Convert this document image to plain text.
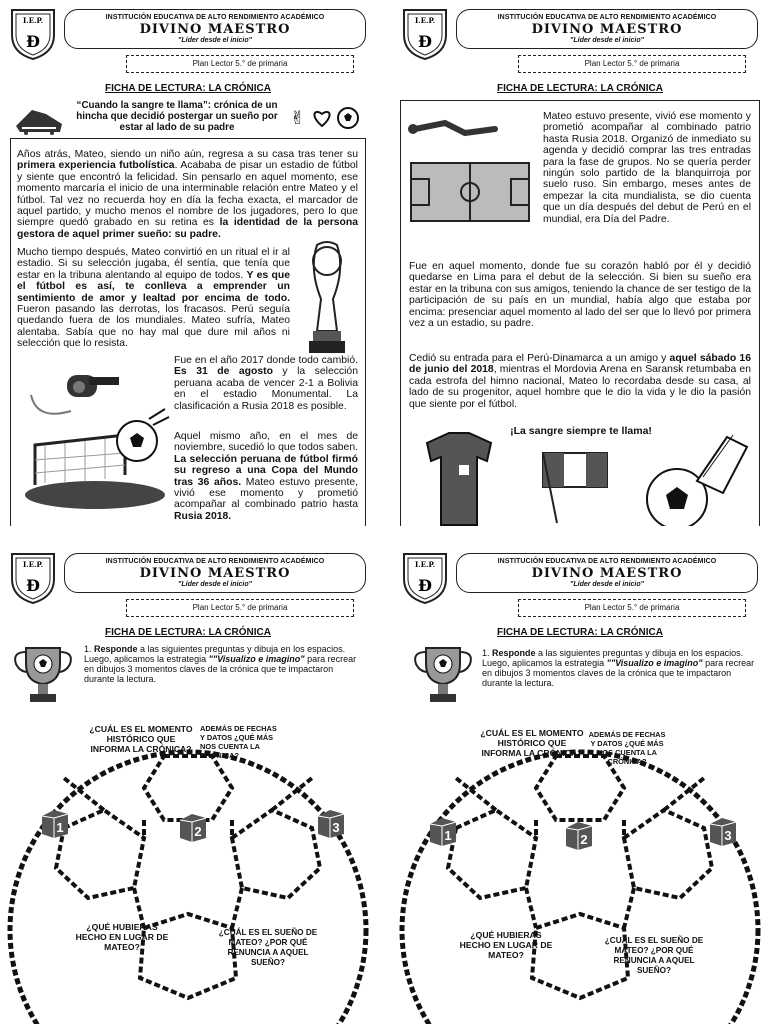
I.E.P.
Ð
INSTITUCIÓN EDUCATIVA DE ALTO RENDIMIENTO ACADÉMICO
DIVINO MAESTRO
"Líder desde el inicio"
Plan Lector 5.° de primaria
FICHA DE LECTURA: LA CRÓNICA
“Cuando la sangre te llama”: crónica de un hincha que decidió postergar un sueño por estar al lado de su padre	✌

Años atrás, Mateo, siendo un niño aún, regresa a su casa tras tener su primera experiencia futbolística. Acababa de pisar un estadio de fútbol y siente que encontró la felicidad. Sin pensarlo en aquel momento, ese momento marcaría el inicio de una interminable relación entre Mateo y el fútbol. Tal vez no recuerda hoy en día la fecha exacta, el marcador de aquel partido, y mucho menos el nombre de los jugadores, pero lo que siempre quedó grabado en su retina es la identidad de la persona gestora de aquel primer sueño: su padre.

Mucho tiempo después, Mateo convirtió en un ritual el ir al estadio. Si su selección jugaba, él sentía, que tenía que estar en la tribuna alentando al equipo de todos. Y es que el fútbol es así, te conlleva a emprender un sentimiento de amor y lealtad por encima de todo. Fueron pasando las derrotas, los fracasos. Perú seguía quedando fuera de los mundiales. Mateo sufría, Mateo alentaba. Sabía que no hay mal que dure mil años ni selección que lo resista.

Fue en el año 2017 donde todo cambió. Es 31 de agosto y la selección peruana acaba de vencer 2-1 a Bolivia en el estadio Monumental. La clasificación a Rusia 2018 es posible.

Aquel mismo año, en el mes de noviembre, sucedió lo que todos saben. La selección peruana de fútbol firmó su regreso a una Copa del Mundo tras 36 años. Mateo estuvo presente, vivió ese momento y prometió acompañar al combinado patrio hasta Rusia 2018.

I.E.P.
Ð
INSTITUCIÓN EDUCATIVA DE ALTO RENDIMIENTO ACADÉMICO
DIVINO MAESTRO
"Líder desde el inicio"
Plan Lector 5.° de primaria
FICHA DE LECTURA: LA CRÓNICA

Mateo estuvo presente, vivió ese momento y prometió acompañar al combinado patrio hasta Rusia 2018. Organizó de inmediato su agenda y decidió comprar las tres entradas para la fase de grupos. No se quería perder ningún solo partido de la blanquirroja por suelo ruso. Sin embargo, meses antes de empezar la cita mundialista, se dio cuenta que un día después del debut de Perú en el mundial, era Día del Padre.

Fue en aquel momento, donde fue su corazón habló por él y decidió quedarse en Lima para el debut de la selección. Si bien su sueño era estar en la tribuna con sus amigos, teniendo la chance de ser testigo de la participación de su país en un mundial, había algo que estaba por encima: presenciar aquel momento al lado del ser que lo llevó por primera vez a un estadio, su padre.

Cedió su entrada para el Perú-Dinamarca a un amigo y aquel sábado 16 de junio del 2018, mientras el Mordovia Arena en Saransk retumbaba en cada estrofa del himno nacional, Mateo lo recordaba desde su casa, al lado de su progenitor, aquel hombre que le dio la vida y le dio la pasión que siente por el fútbol.

¡La sangre siempre te llama!
I.E.P.
Ð
INSTITUCIÓN EDUCATIVA DE ALTO RENDIMIENTO ACADÉMICO
DIVINO MAESTRO
"Líder desde el inicio"
Plan Lector 5.° de primaria
FICHA DE LECTURA: LA CRÓNICA

1. Responde a las siguientes preguntas y dibuja en los espacios. Luego, aplicamos la estrategia ""Visualizo e imagino" para recrear en dibujos 3 momentos claves de la crónica que te impactaron durante la lectura.

¿CUÁL ES EL MOMENTO HISTÓRICO QUE INFORMA LA CRÓNICA?
ADEMÁS DE FECHAS Y DATOS ¿QUÉ MÁS NOS CUENTA LA CRÓNICA?
1	2	3
¿QUÉ HUBIERAS HECHO EN LUGAR DE MATEO?
¿CUÁL ES EL SUEÑO DE MATEO? ¿POR QUÉ RENUNCIA A AQUEL SUEÑO?
I.E.P.
Ð
INSTITUCIÓN EDUCATIVA DE ALTO RENDIMIENTO ACADÉMICO
DIVINO MAESTRO
"Líder desde el inicio"
Plan Lector 5.° de primaria
FICHA DE LECTURA: LA CRÓNICA

1. Responde a las siguientes preguntas y dibuja en los espacios. Luego, aplicamos la estrategia ""Visualizo e imagino" para recrear en dibujos 3 momentos claves de la crónica que te impactaron durante la lectura.

¿CUÁL ES EL MOMENTO HISTÓRICO QUE INFORMA LA CRÓNICA?
ADEMÁS DE FECHAS Y DATOS ¿QUÉ MÁS NOS CUENTA LA CRÓNICA?
1	2	3
¿QUÉ HUBIERAS HECHO EN LUGAR DE MATEO?
¿CUÁL ES EL SUEÑO DE MATEO? ¿POR QUÉ RENUNCIA A AQUEL SUEÑO?
